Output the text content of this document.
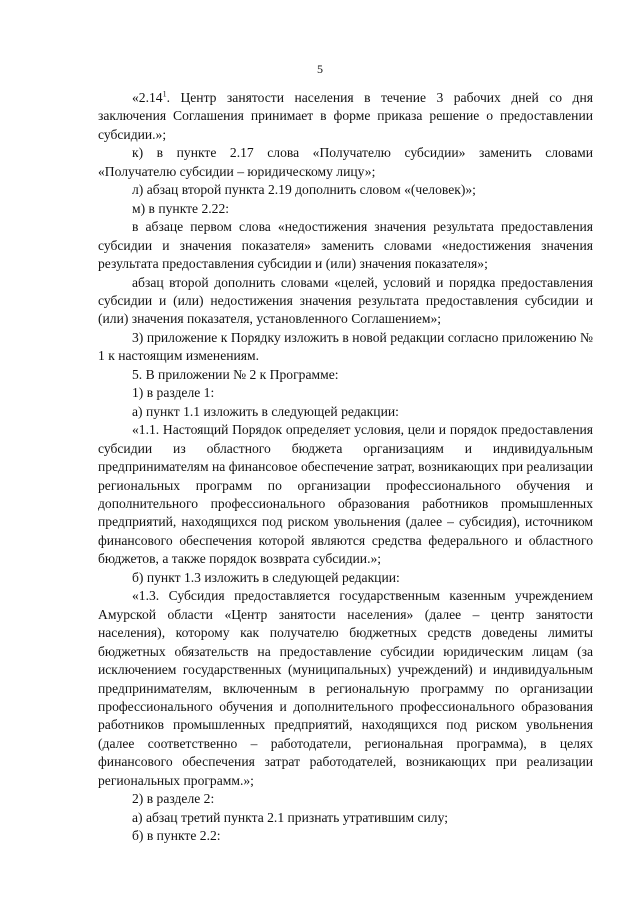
5

«2.14$^1$. Центр занятости населения в течение 3 рабочих дней со дня заключения Соглашения принимает в форме приказа решение о предоставлении субсидии.»;

к) в пункте 2.17 слова «Получателю субсидии» заменить словами «Получателю субсидии – юридическому лицу»;

л) абзац второй пункта 2.19 дополнить словом «(человек)»;

м) в пункте 2.22:

в абзаце первом слова «недостижения значения результата предоставления субсидии и значения показателя» заменить словами «недостижения значения результата предоставления субсидии и (или) значения показателя»;

абзац второй дополнить словами «целей, условий и порядка предоставления субсидии и (или) недостижения значения результата предоставления субсидии и (или) значения показателя, установленного Соглашением»;

3) приложение к Порядку изложить в новой редакции согласно приложению № 1 к настоящим изменениям.

5. В приложении № 2 к Программе:

1) в разделе 1:

а) пункт 1.1 изложить в следующей редакции:

«1.1. Настоящий Порядок определяет условия, цели и порядок предоставления субсидии из областного бюджета организациям и индивидуальным предпринимателям на финансовое обеспечение затрат, возникающих при реализации региональных программ по организации профессионального обучения и дополнительного профессионального образования работников промышленных предприятий, находящихся под риском увольнения (далее – субсидия), источником финансового обеспечения которой являются средства федерального и областного бюджетов, а также порядок возврата субсидии.»;

б) пункт 1.3 изложить в следующей редакции:

«1.3. Субсидия предоставляется государственным казенным учреждением Амурской области «Центр занятости населения» (далее – центр занятости населения), которому как получателю бюджетных средств доведены лимиты бюджетных обязательств на предоставление субсидии юридическим лицам (за исключением государственных (муниципальных) учреждений) и индивидуальным предпринимателям, включенным в региональную программу по организации профессионального обучения и дополнительного профессионального образования работников промышленных предприятий, находящихся под риском увольнения (далее соответственно – работодатели, региональная программа), в целях финансового обеспечения затрат работодателей, возникающих при реализации региональных программ.»;

2) в разделе 2:

а) абзац третий пункта 2.1 признать утратившим силу;

б) в пункте 2.2:
